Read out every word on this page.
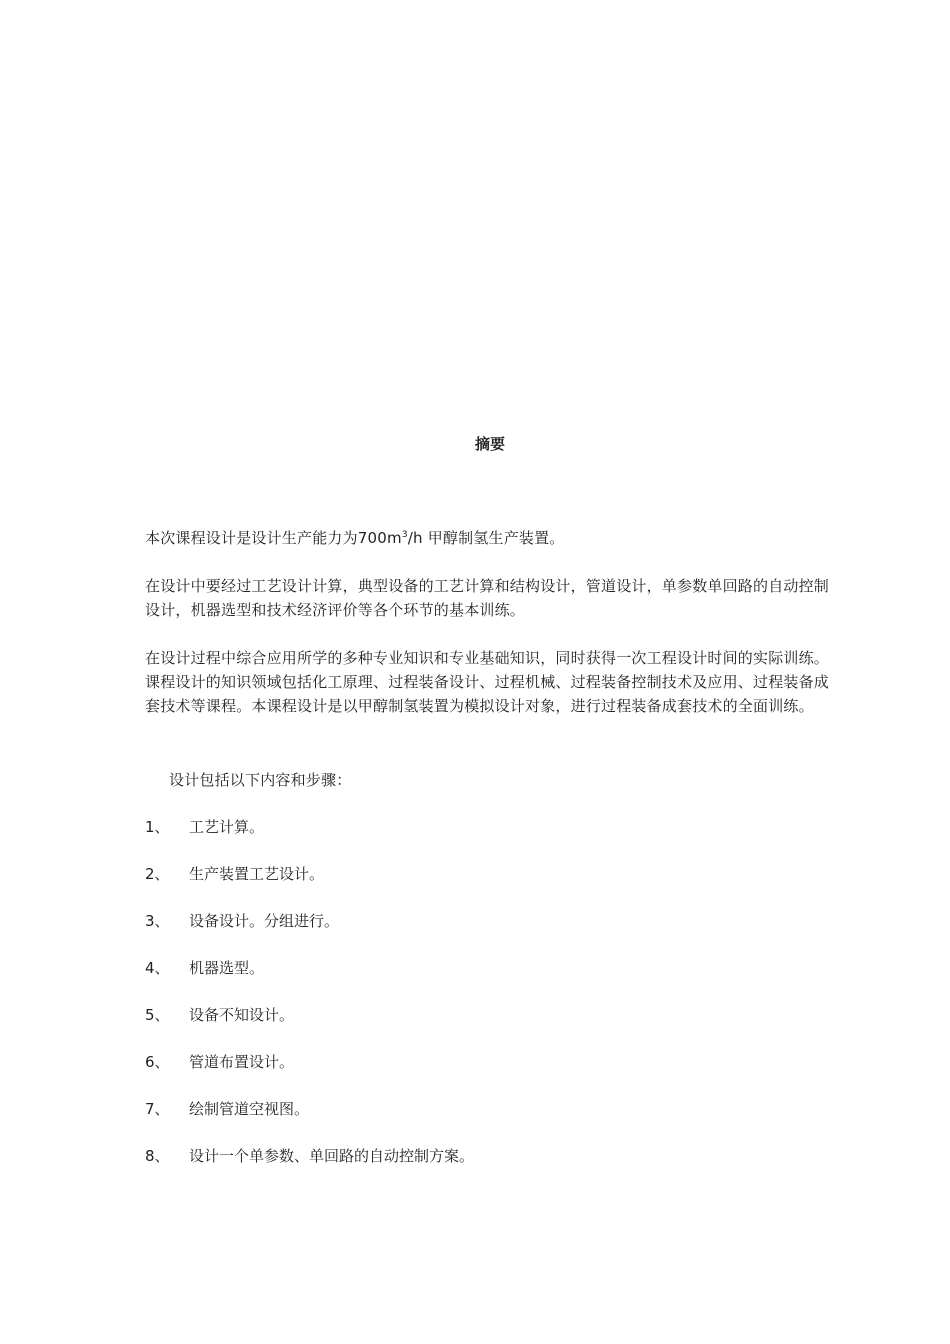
摘要
本次课程设计是设计生产能力为$700m^3/h$ 甲醇制氢生产装置。
在设计中要经过工艺设计计算，典型设备的工艺计算和结构设计，管道设计，单参数单回路的自动控制设计，机器选型和技术经济评价等各个环节的基本训练。
在设计过程中综合应用所学的多种专业知识和专业基础知识，同时获得一次工程设计时间的实际训练。课程设计的知识领域包括化工原理、过程装备设计、过程机械、过程装备控制技术及应用、过程装备成套技术等课程。本课程设计是以甲醇制氢装置为模拟设计对象，进行过程装备成套技术的全面训练。
设计包括以下内容和步骤：
1、	工艺计算。
2、	生产装置工艺设计。
3、	设备设计。分组进行。
4、	机器选型。
5、	设备不知设计。
6、	管道布置设计。
7、	绘制管道空视图。
8、	设计一个单参数、单回路的自动控制方案。
